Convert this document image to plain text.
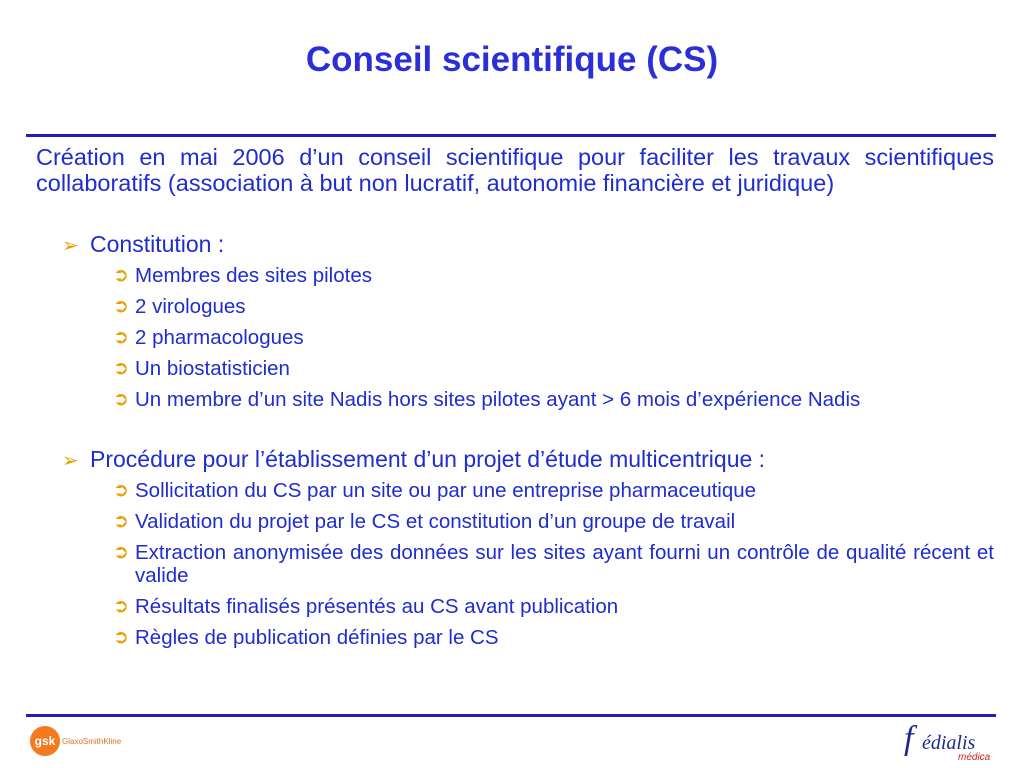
Conseil scientifique (CS)

Création en mai 2006 d’un conseil scientifique pour faciliter les travaux scientifiques collaboratifs (association à but non lucratif, autonomie financière et juridique)

➢ Constitution :
➲ Membres des sites pilotes
➲ 2 virologues
➲ 2 pharmacologues
➲ Un biostatisticien
➲ Un membre d’un site Nadis hors sites pilotes ayant > 6 mois d’expérience Nadis
➢ Procédure pour l’établissement d’un projet d’étude multicentrique :
➲ Sollicitation du CS par un site ou par une entreprise pharmaceutique
➲ Validation du projet par le CS et constitution d’un groupe de travail
➲ Extraction anonymisée des données sur les sites ayant fourni un contrôle de qualité récent et valide
➲ Résultats finalisés présentés au CS avant publication
➲ Règles de publication définies par le CS
gsk GlaxoSmithKline	f édialis
médica
